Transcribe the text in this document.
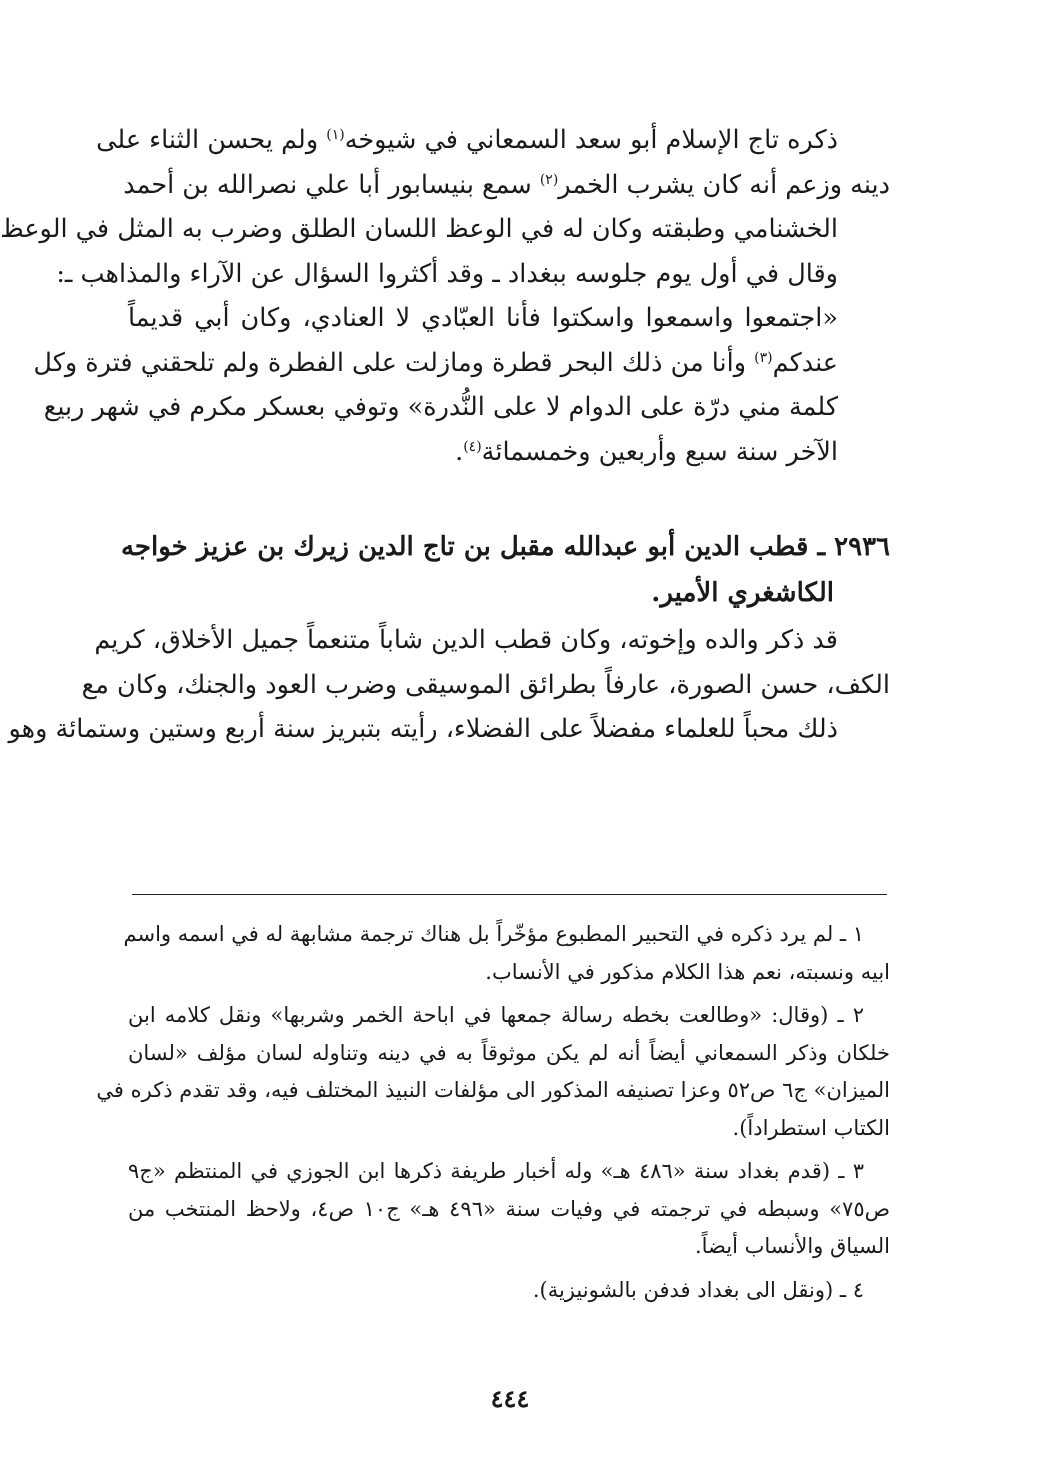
ذكره تاج الإسلام أبو سعد السمعاني في شيوخه$^{(١)}$ ولم يحسن الثناء على
دينه وزعم أنه كان يشرب الخمر$^{(٢)}$ سمع بنيسابور أبا علي نصرالله بن أحمد
الخشنامي وطبقته وكان له في الوعظ اللسان الطلق وضرب به المثل في الوعظ
وقال في أول يوم جلوسه ببغداد ـ وقد أكثروا السؤال عن الآراء والمذاهب ـ:
«اجتمعوا واسمعوا واسكتوا فأنا العبّادي لا العنادي، وكان أبي قديماً
عندكم$^{(٣)}$ وأنا من ذلك البحر قطرة ومازلت على الفطرة ولم تلحقني فترة وكل
كلمة مني درّة على الدوام لا على النُّدرة» وتوفي بعسكر مكرم في شهر ربيع
الآخر سنة سبع وأربعين وخمسمائة$^{(٤)}$.

٢٩٣٦ ـ قطب الدين أبو عبدالله مقبل بن تاج الدين زيرك بن عزيز خواجه
الكاشغري الأمير.

قد ذكر والده وإخوته، وكان قطب الدين شاباً متنعماً جميل الأخلاق، كريم
الكف، حسن الصورة، عارفاً بطرائق الموسيقى وضرب العود والجنك، وكان مع
ذلك محباً للعلماء مفضلاً على الفضلاء، رأيته بتبريز سنة أربع وستين وستمائة وهو

١ ـ لم يرد ذكره في التحبير المطبوع مؤخّراً بل هناك ترجمة مشابهة له في اسمه واسم
ابيه ونسبته، نعم هذا الكلام مذكور في الأنساب.

٢ ـ (وقال: «وطالعت بخطه رسالة جمعها في اباحة الخمر وشربها» ونقل كلامه ابن
خلكان وذكر السمعاني أيضاً أنه لم يكن موثوقاً به في دينه وتناوله لسان مؤلف «لسان
الميزان» ج٦ ص٥٢ وعزا تصنيفه المذكور الى مؤلفات النبيذ المختلف فيه، وقد تقدم ذكره في
الكتاب استطراداً).

٣ ـ (قدم بغداد سنة «٤٨٦ هـ» وله أخبار طريفة ذكرها ابن الجوزي في المنتظم «ج٩
ص٧٥» وسبطه في ترجمته في وفيات سنة «٤٩٦ هـ» ج١٠ ص٤، ولاحظ المنتخب من
السياق والأنساب أيضاً.

٤ ـ (ونقل الى بغداد فدفن بالشونيزية).

٤٤٤
